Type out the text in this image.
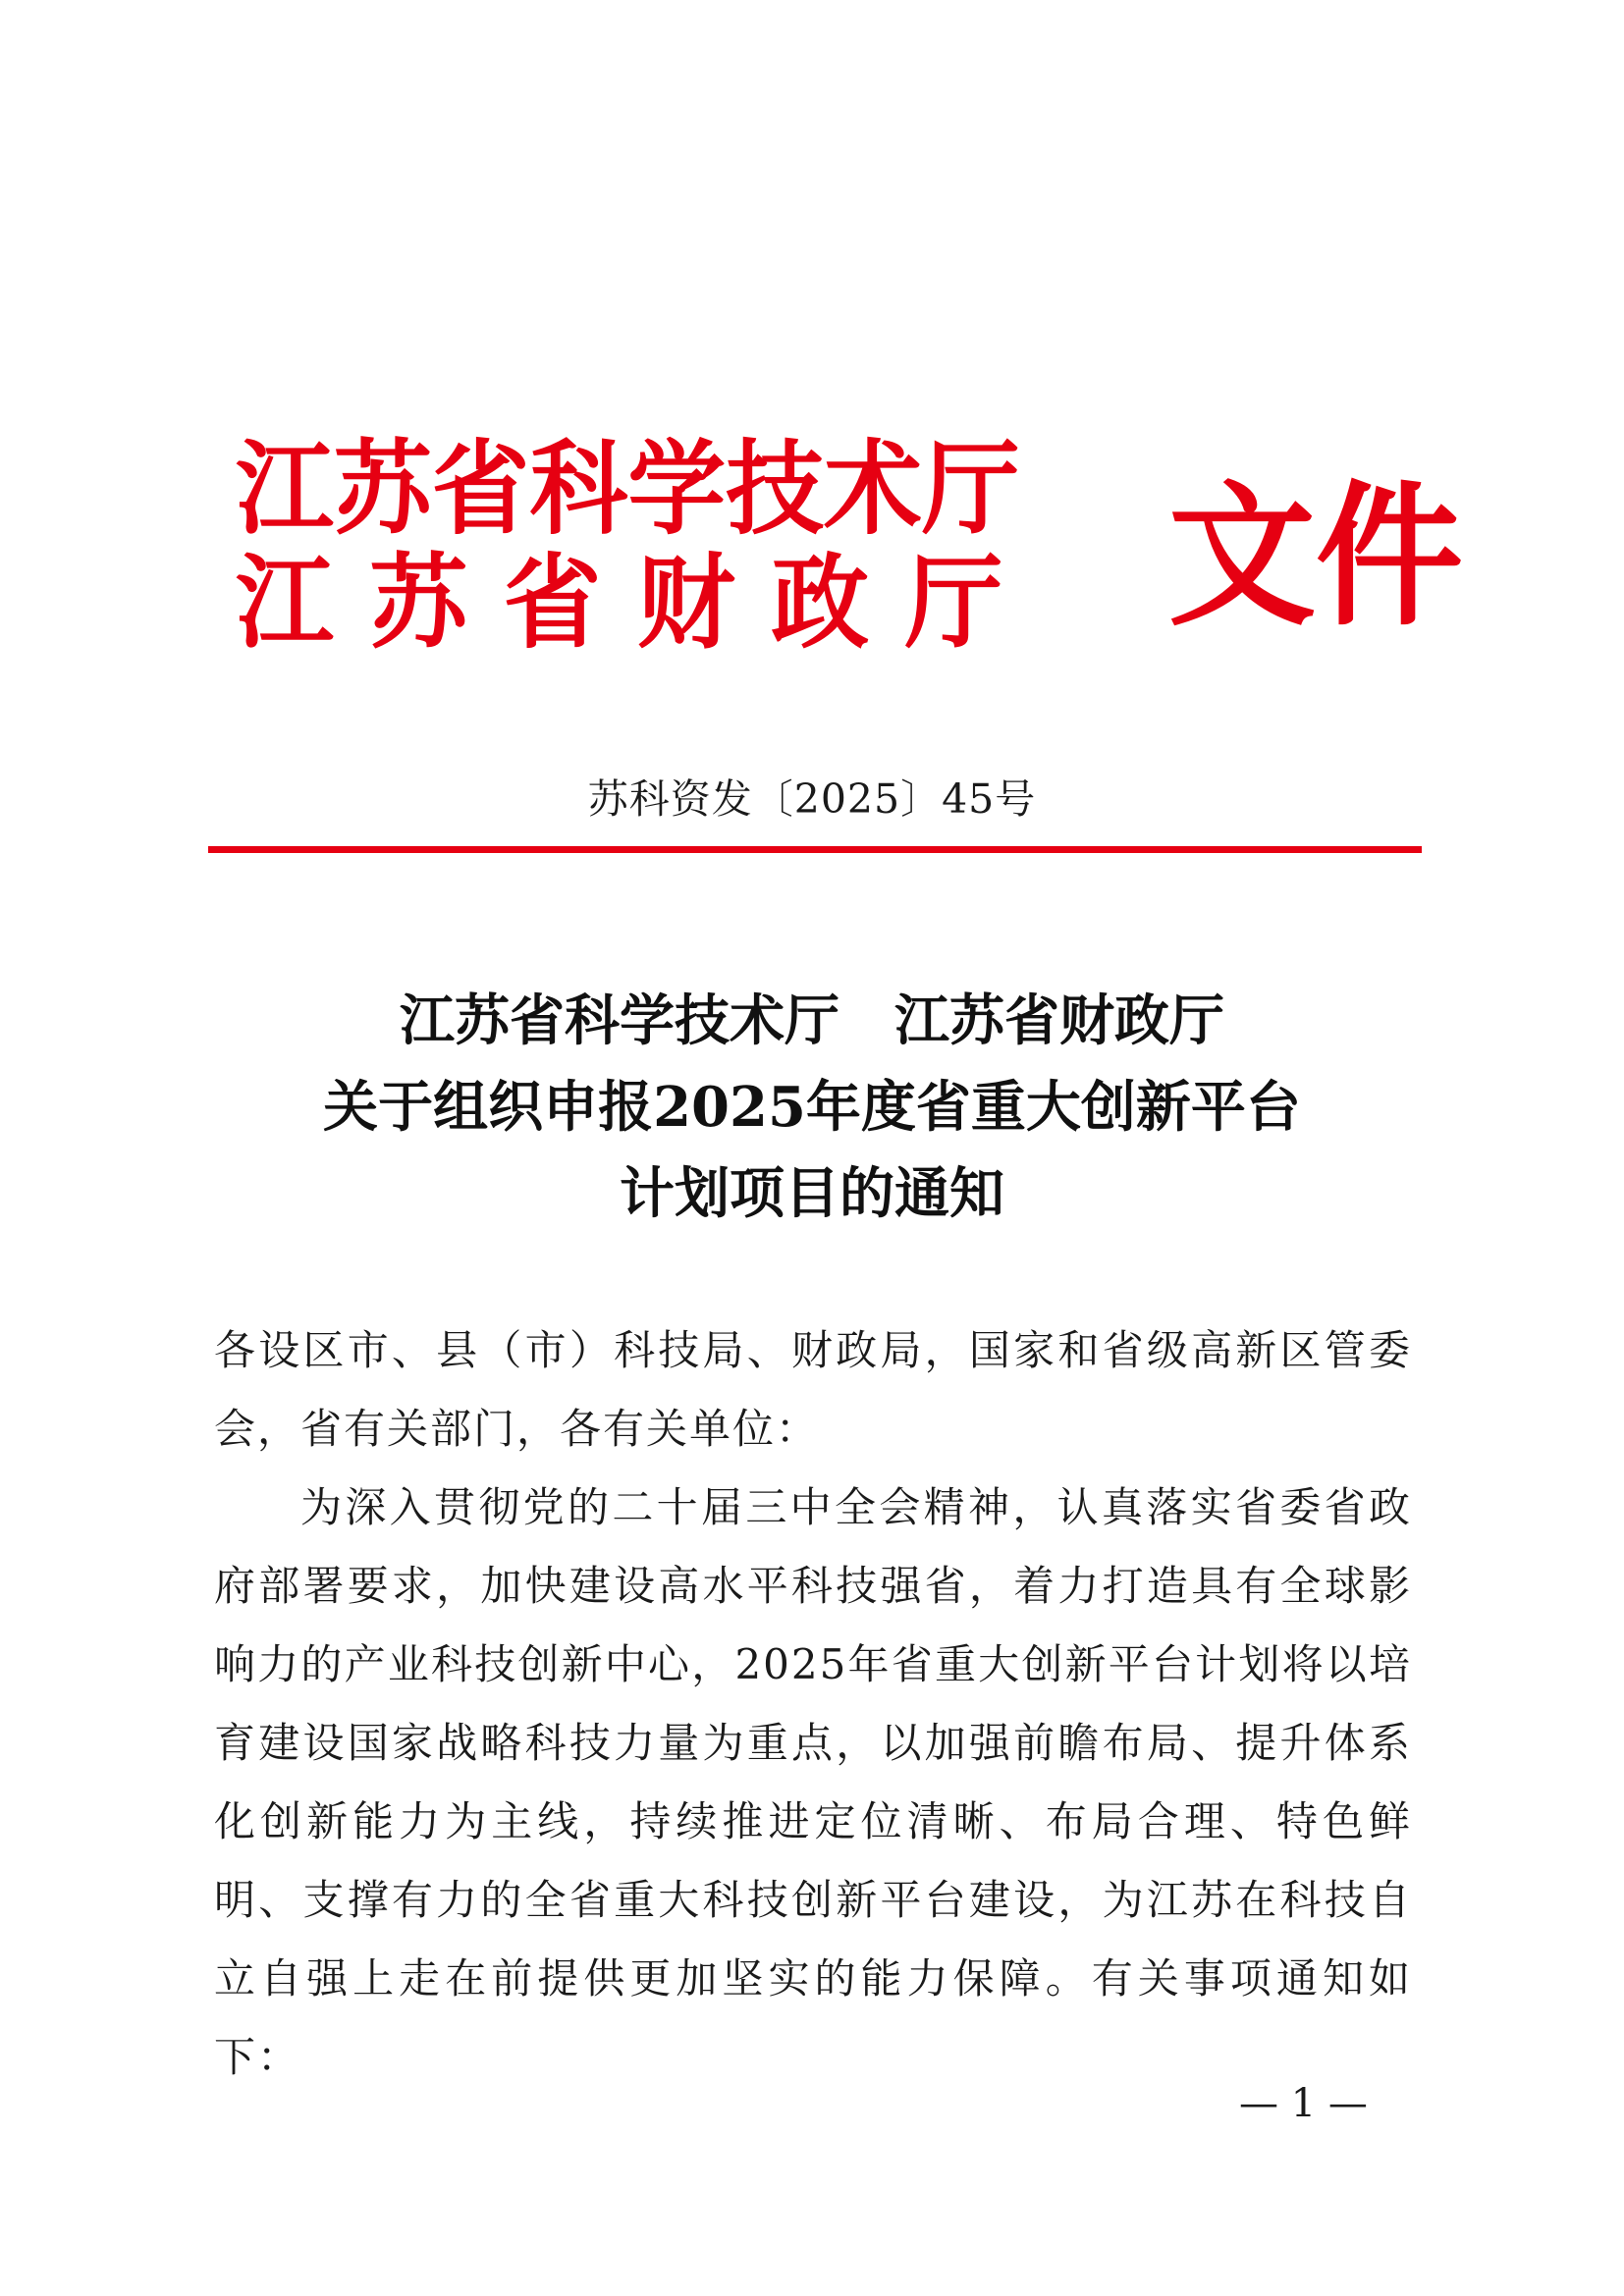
江苏省科学技术厅
江苏省财政厅 文件
苏科资发〔2025〕45号
江苏省科学技术厅　江苏省财政厅
关于组织申报2025年度省重大创新平台
计划项目的通知

各设区市、县（市）科技局、财政局，国家和省级高新区管委会，省有关部门，各有关单位：

为深入贯彻党的二十届三中全会精神，认真落实省委省政府部署要求，加快建设高水平科技强省，着力打造具有全球影响力的产业科技创新中心，2025年省重大创新平台计划将以培育建设国家战略科技力量为重点，以加强前瞻布局、提升体系化创新能力为主线，持续推进定位清晰、布局合理、特色鲜明、支撑有力的全省重大科技创新平台建设，为江苏在科技自立自强上走在前提供更加坚实的能力保障。有关事项通知如下：

— 1 —
